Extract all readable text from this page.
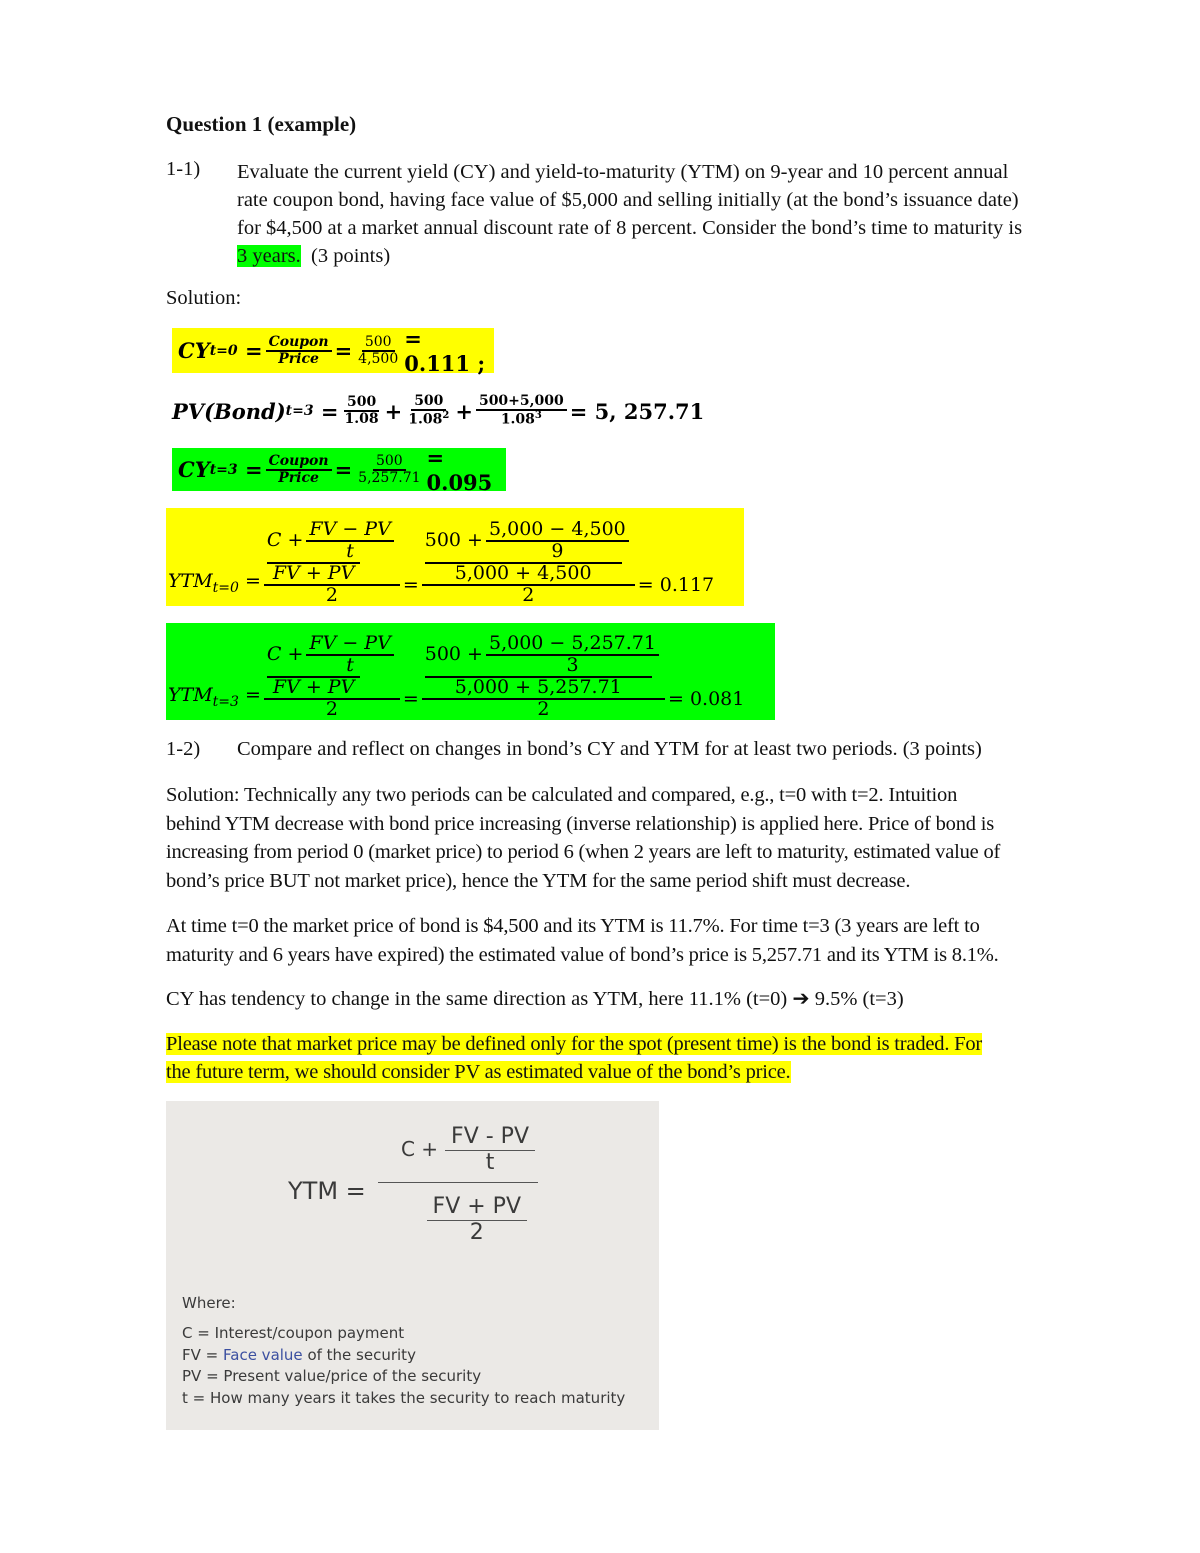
Question 1 (example)
1-1) Evaluate the current yield (CY) and yield-to-maturity (YTM) on 9-year and 10 percent annual
rate coupon bond, having face value of $5,000 and selling initially (at the bond’s issuance date)
for $4,500 at a market annual discount rate of 8 percent. Consider the bond’s time to maturity is
3 years. (3 points)
Solution:
CY $t=0 = \frac{\text{Coupon}}{\text{Price}} = \frac{500}{4,500} = 0.111$ ;
PV(Bond) $t=3 = \frac{500}{1.08} + \frac{500}{1.08^2} + \frac{500+5,000}{1.08^3} = 5$, 257.71
CY $t=3 = \frac{\text{Coupon}}{\text{Price}} = \frac{500}{5,257.71} = 0.095$
$YTM_{t=0}$ =
$C + \frac{FV - PV}{t}$

FV + PV
2	=
$500 + \frac{5,000 - 4,500}{9}$

5,000 + 4,500
2	= 0.117
$YTM_{t=3}$ =
$C + \frac{FV - PV}{t}$

FV + PV
2	=
$500 + \frac{5,000 - 5,257.71}{3}$

5,000 + 5,257.71
2	= 0.081
1-2) Compare and reflect on changes in bond’s CY and YTM for at least two periods. (3 points)
Solution: Technically any two periods can be calculated and compared, e.g., t=0 with t=2. Intuition
behind YTM decrease with bond price increasing (inverse relationship) is applied here. Price of bond is
increasing from period 0 (market price) to period 6 (when 2 years are left to maturity, estimated value of
bond’s price BUT not market price), hence the YTM for the same period shift must decrease.
At time t=0 the market price of bond is $4,500 and its YTM is 11.7%. For time t=3 (3 years are left to
maturity and 6 years have expired) the estimated value of bond’s price is 5,257.71 and its YTM is 8.1%.
CY has tendency to change in the same direction as YTM, here 11.1% (t=0) ➔ 9.5% (t=3)
Please note that market price may be defined only for the spot (present time) is the bond is traded. For
the future term, we should consider PV as estimated value of the bond’s price.
YTM =
$C + \frac{FV - PV}{t}$
$\frac{FV + PV}{2}$
Where:
C = Interest/coupon payment
FV = Face value of the security
PV = Present value/price of the security
t = How many years it takes the security to reach maturity
